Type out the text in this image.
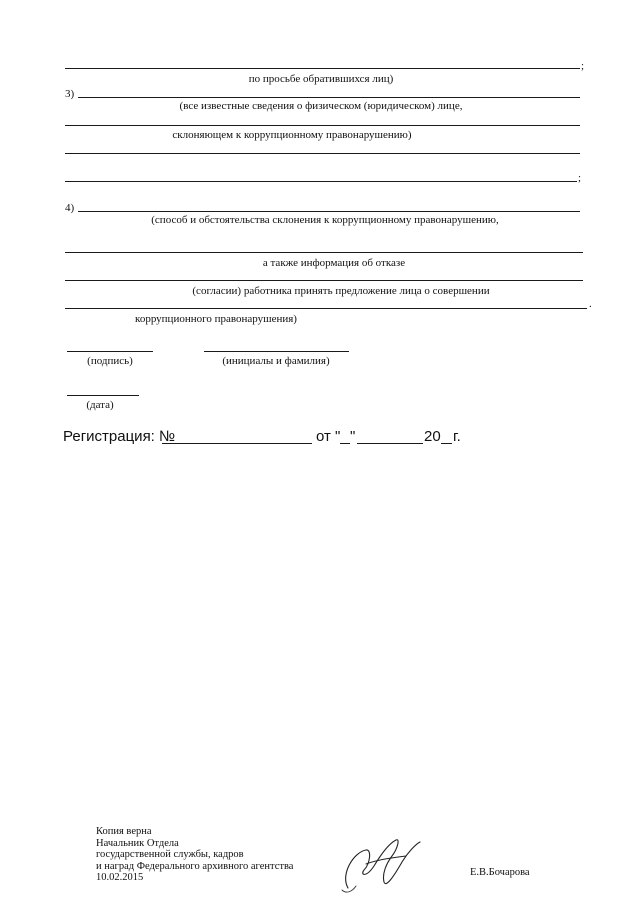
;
по просьбе обратившихся лиц)
3)
(все известные сведения о физическом (юридическом) лице,
склоняющем к коррупционному правонарушению)
;
4)
(способ и обстоятельства склонения к коррупционному правонарушению,
а также информация об отказе
(согласии) работника принять предложение лица о совершении
.
коррупционного правонарушения)
(подпись)	(инициалы и фамилия)
(дата)
Регистрация: №	от " "	20 г.
Копия верна
Начальник Отдела
государственной службы, кадров
и наград Федерального архивного агентства
10.02.2015	Е.В.Бочарова
